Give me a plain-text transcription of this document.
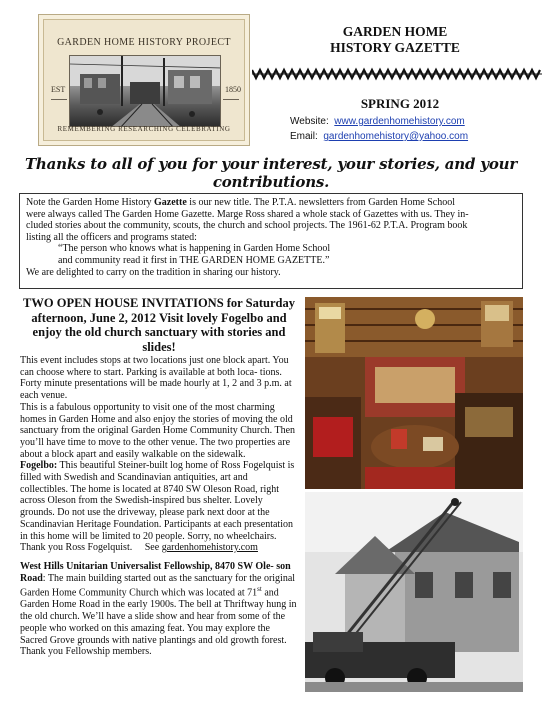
GARDEN HOME HISTORY PROJECT
EST	1850
REMEMBERING RESEARCHING CELEBRATING
GARDEN HOME
HISTORY GAZETTE
SPRING 2012
Website: www.gardenhomehistory.com
Email: gardenhomehistory@yahoo.com
Thanks to all of you for your interest, your stories, and your contributions.

Note the Garden Home History Gazette is our new title. The P.T.A. newsletters from Garden Home School

were always called The Garden Home Gazette. Marge Ross shared a whole stack of Gazettes with us. They in-

cluded stories about the community, scouts, the church and school projects. The 1961-62 P.T.A. Program book

listing all the officers and programs stated:

“The person who knows what is happening in Garden Home School

and community read it first in THE GARDEN HOME GAZETTE.”

We are delighted to carry on the tradition in sharing our history.

TWO OPEN HOUSE INVITATIONS for Saturday afternoon, June 2, 2012 Visit lovely Fogelbo and enjoy the old church sanctuary with stories and slides!

This event includes stops at two locations just one block apart. You can choose where to start. Parking is available at both loca- tions. Forty minute presentations will be made hourly at 1, 2 and 3 p.m. at each venue.

This is a fabulous opportunity to visit one of the most charming homes in Garden Home and also enjoy the stories of moving the old sanctuary from the original Garden Home Community Church. Then you’ll have time to move to the other venue. The two properties are about a block apart and easily walkable on the sidewalk.

Fogelbo: This beautiful Steiner-built log home of Ross Fogelquist is filled with Swedish and Scandinavian antiquities, art and collectibles. The home is located at 8740 SW Oleson Road, right across Oleson from the Swedish-inspired bus shelter. Lovely grounds. Do not use the driveway, please park next door at the Scandinavian Heritage Foundation. Participants at each presentation in this home will be limited to 20 people. Sorry, no wheelchairs.

Thank you Ross Fogelquist. See gardenhomehistory.com

West Hills Unitarian Universalist Fellowship, 8470 SW Ole- son Road: The main building started out as the sanctuary for the original Garden Home Community Church which was located at 71st and Garden Home Road in the early 1900s. The bell at Thriftway hung in the old church. We’ll have a slide show and hear from some of the people who worked on this amazing feat. You may explore the Sacred Grove grounds with native plantings and old growth forest. Thank you Fellowship members.
